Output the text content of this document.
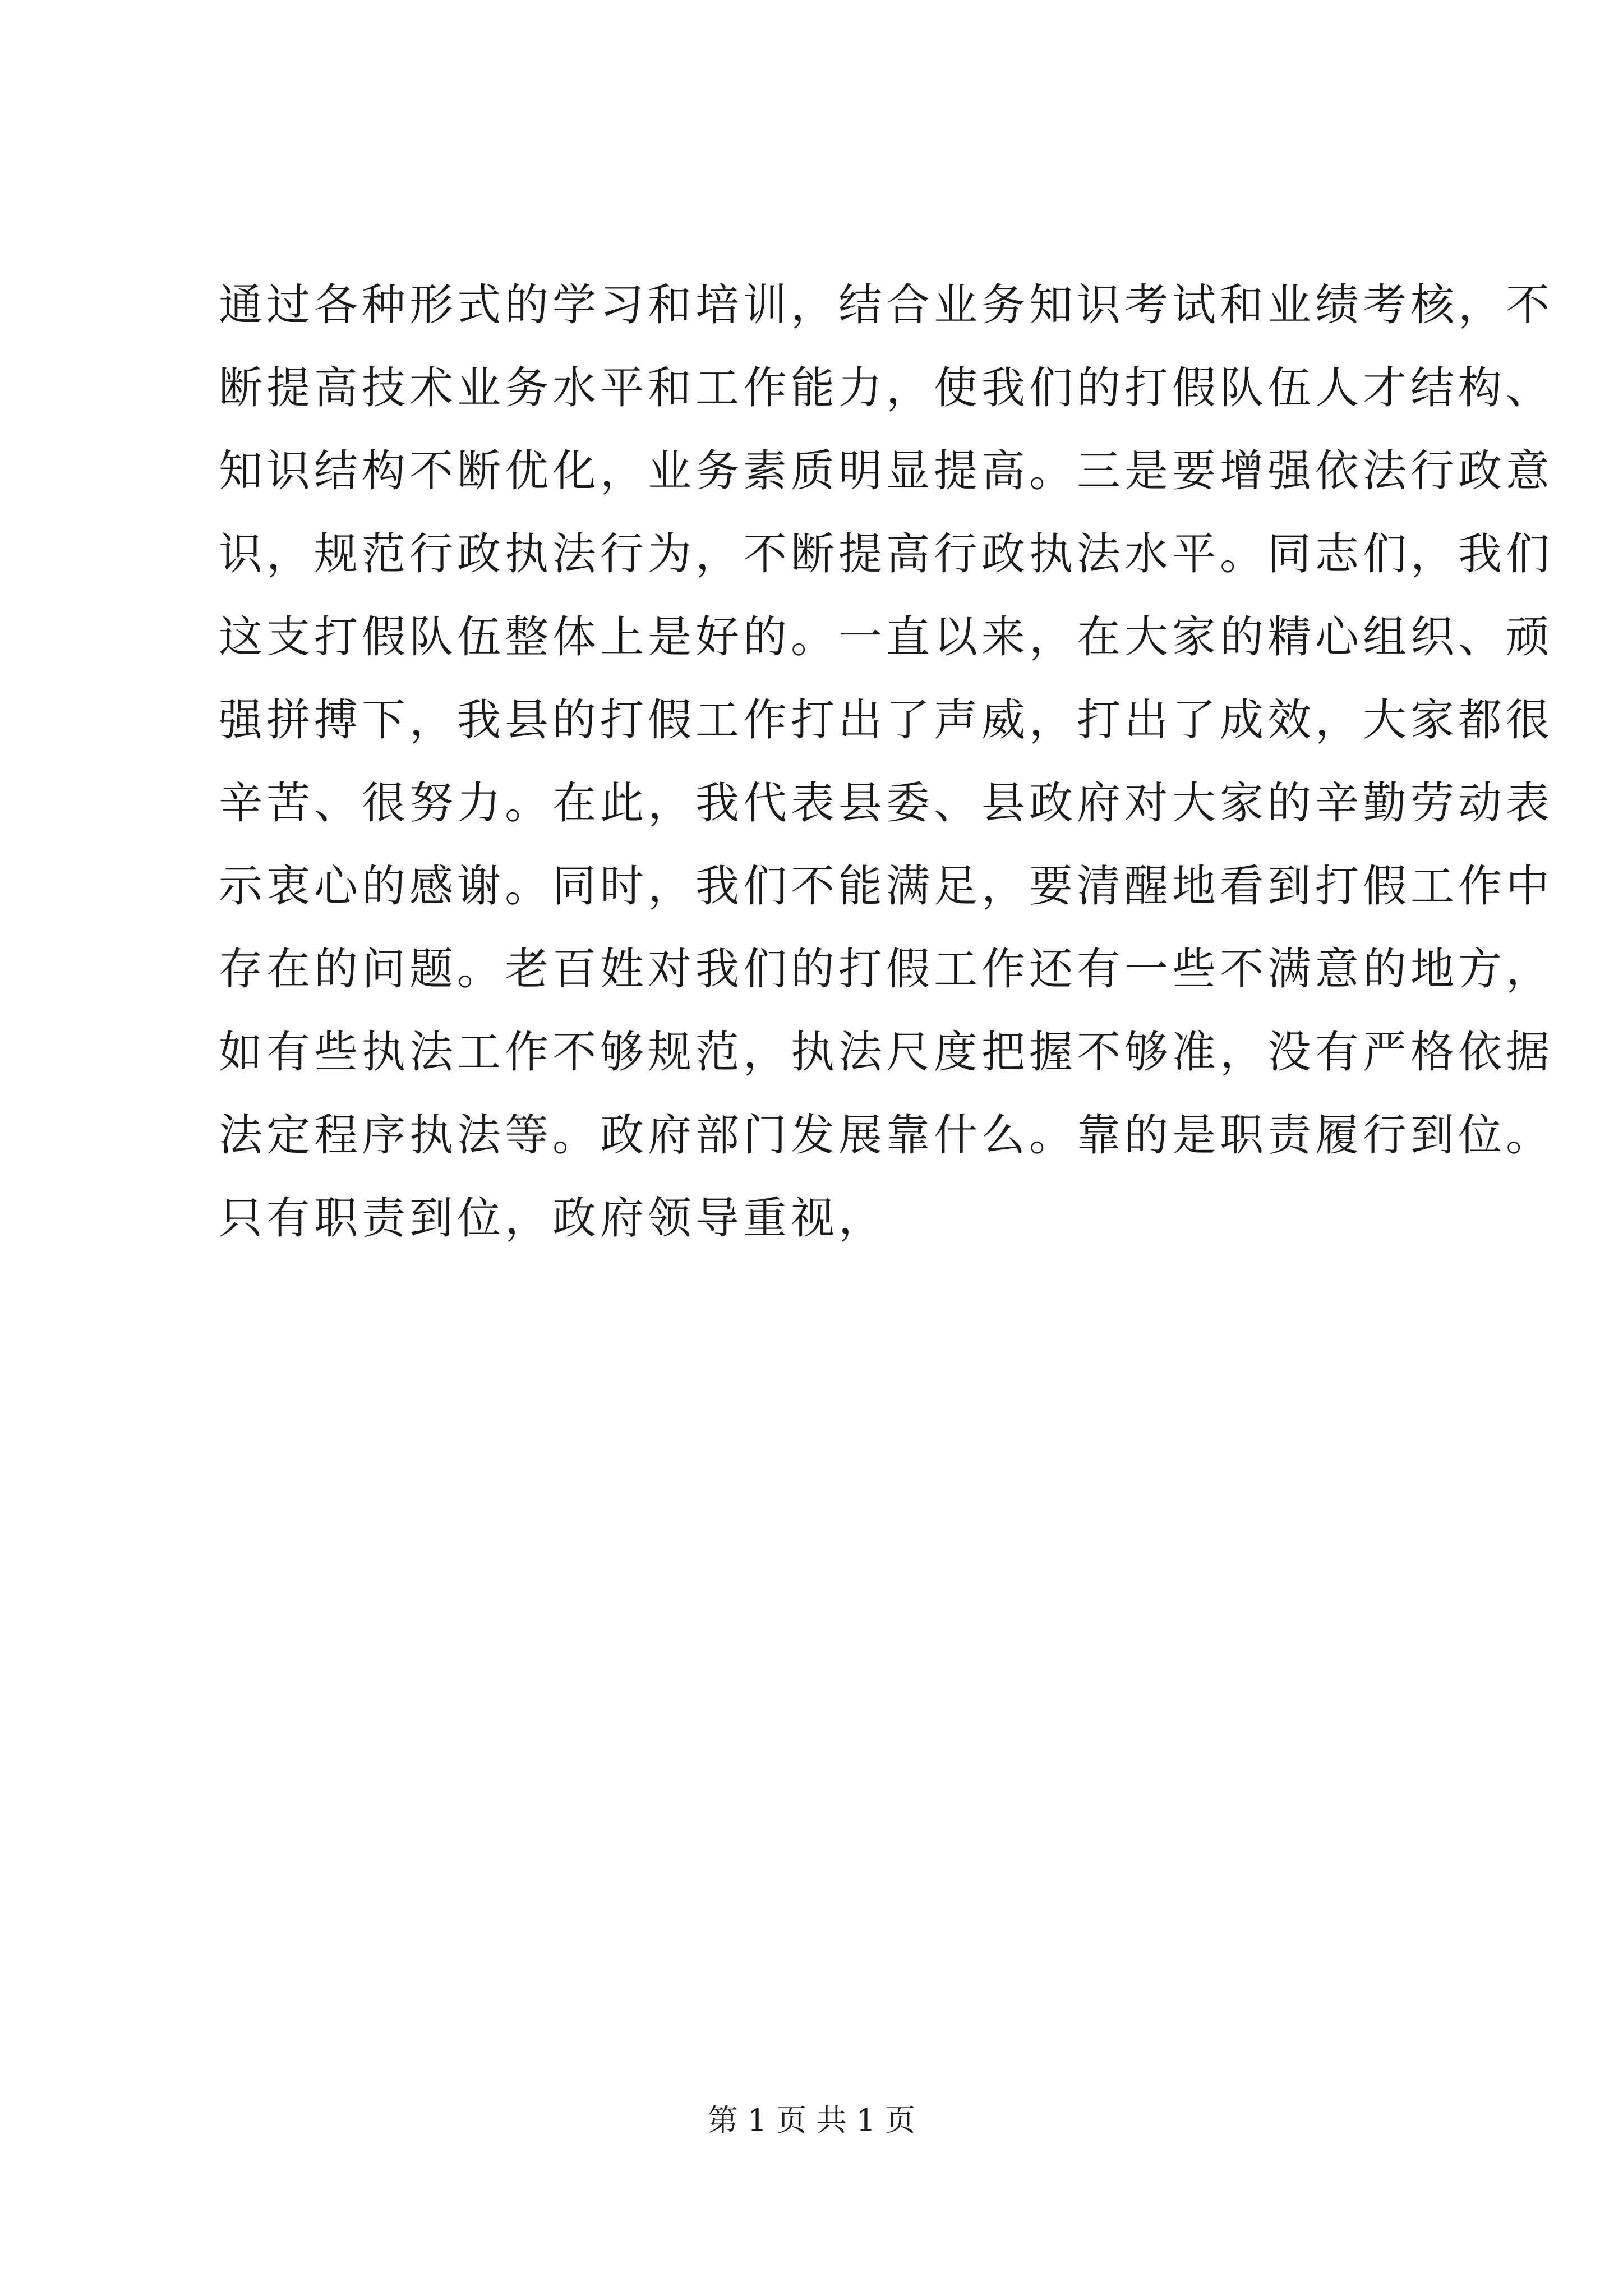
通过各种形式的学习和培训，结合业务知识考试和业绩考核，不
断提高技术业务水平和工作能力，使我们的打假队伍人才结构、
知识结构不断优化，业务素质明显提高。三是要增强依法行政意
识，规范行政执法行为，不断提高行政执法水平。同志们，我们
这支打假队伍整体上是好的。一直以来，在大家的精心组织、顽
强拼搏下，我县的打假工作打出了声威，打出了成效，大家都很
辛苦、很努力。在此，我代表县委、县政府对大家的辛勤劳动表
示衷心的感谢。同时，我们不能满足，要清醒地看到打假工作中
存在的问题。老百姓对我们的打假工作还有一些不满意的地方，
如有些执法工作不够规范，执法尺度把握不够准，没有严格依据
法定程序执法等。政府部门发展靠什么。靠的是职责履行到位。
只有职责到位，政府领导重视，
第 1 页 共 1 页
